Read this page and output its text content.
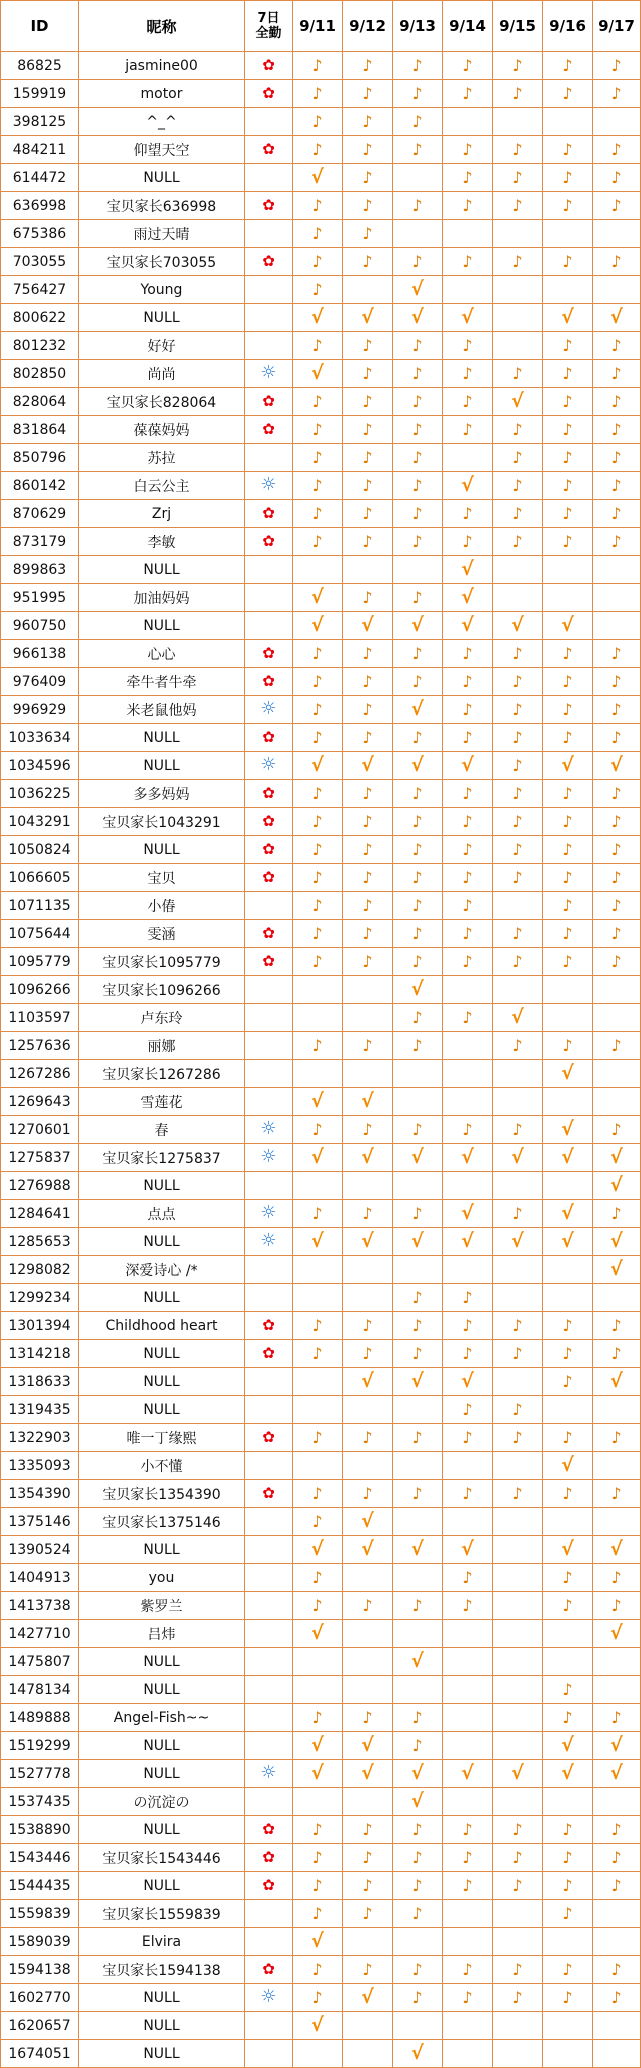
ID	昵称	7日
全勤	9/11	9/12	9/13	9/14	9/15	9/16	9/17
86825	jasmine00	✿	♪	♪	♪	♪	♪	♪	♪
159919	motor	✿	♪	♪	♪	♪	♪	♪	♪
398125	^_^		♪	♪	♪				
484211	仰望天空	✿	♪	♪	♪	♪	♪	♪	♪
614472	NULL		√	♪		♪	♪	♪	♪
636998	宝贝家长636998	✿	♪	♪	♪	♪	♪	♪	♪
675386	雨过天晴		♪	♪					
703055	宝贝家长703055	✿	♪	♪	♪	♪	♪	♪	♪
756427	Young		♪		√				
800622	NULL		√	√	√	√		√	√
801232	好好		♪	♪	♪	♪		♪	♪
802850	尚尚	☼	√	♪	♪	♪	♪	♪	♪
828064	宝贝家长828064	✿	♪	♪	♪	♪	√	♪	♪
831864	葆葆妈妈	✿	♪	♪	♪	♪	♪	♪	♪
850796	苏拉		♪	♪	♪		♪	♪	♪
860142	白云公主	☼	♪	♪	♪	√	♪	♪	♪
870629	Zrj	✿	♪	♪	♪	♪	♪	♪	♪
873179	李敏	✿	♪	♪	♪	♪	♪	♪	♪
899863	NULL					√			
951995	加油妈妈		√	♪	♪	√			
960750	NULL		√	√	√	√	√	√	
966138	心心	✿	♪	♪	♪	♪	♪	♪	♪
976409	牵牛者牛牵	✿	♪	♪	♪	♪	♪	♪	♪
996929	米老鼠他妈	☼	♪	♪	√	♪	♪	♪	♪
1033634	NULL	✿	♪	♪	♪	♪	♪	♪	♪
1034596	NULL	☼	√	√	√	√	♪	√	√
1036225	多多妈妈	✿	♪	♪	♪	♪	♪	♪	♪
1043291	宝贝家长1043291	✿	♪	♪	♪	♪	♪	♪	♪
1050824	NULL	✿	♪	♪	♪	♪	♪	♪	♪
1066605	宝贝	✿	♪	♪	♪	♪	♪	♪	♪
1071135	小偆		♪	♪	♪	♪		♪	♪
1075644	雯涵	✿	♪	♪	♪	♪	♪	♪	♪
1095779	宝贝家长1095779	✿	♪	♪	♪	♪	♪	♪	♪
1096266	宝贝家长1096266				√				
1103597	卢东玲				♪	♪	√		
1257636	丽娜		♪	♪	♪		♪	♪	♪
1267286	宝贝家长1267286							√	
1269643	雪莲花		√	√					
1270601	春	☼	♪	♪	♪	♪	♪	√	♪
1275837	宝贝家长1275837	☼	√	√	√	√	√	√	√
1276988	NULL								√
1284641	点点	☼	♪	♪	♪	√	♪	√	♪
1285653	NULL	☼	√	√	√	√	√	√	√
1298082	深爱诗心 /*								√
1299234	NULL				♪	♪			
1301394	Childhood heart	✿	♪	♪	♪	♪	♪	♪	♪
1314218	NULL	✿	♪	♪	♪	♪	♪	♪	♪
1318633	NULL			√	√	√		♪	√
1319435	NULL					♪	♪		
1322903	唯一丁缘熙	✿	♪	♪	♪	♪	♪	♪	♪
1335093	小不懂							√	
1354390	宝贝家长1354390	✿	♪	♪	♪	♪	♪	♪	♪
1375146	宝贝家长1375146		♪	√					
1390524	NULL		√	√	√	√		√	√
1404913	you		♪			♪		♪	♪
1413738	紫罗兰		♪	♪	♪	♪		♪	♪
1427710	吕炜		√						√
1475807	NULL				√				
1478134	NULL							♪	
1489888	Angel-Fish~~		♪	♪	♪			♪	♪
1519299	NULL		√	√	♪			√	√
1527778	NULL	☼	√	√	√	√	√	√	√
1537435	の沉淀の				√				
1538890	NULL	✿	♪	♪	♪	♪	♪	♪	♪
1543446	宝贝家长1543446	✿	♪	♪	♪	♪	♪	♪	♪
1544435	NULL	✿	♪	♪	♪	♪	♪	♪	♪
1559839	宝贝家长1559839		♪	♪	♪			♪	
1589039	Elvira		√						
1594138	宝贝家长1594138	✿	♪	♪	♪	♪	♪	♪	♪
1602770	NULL	☼	♪	√	♪	♪	♪	♪	♪
1620657	NULL		√						
1674051	NULL				√				
